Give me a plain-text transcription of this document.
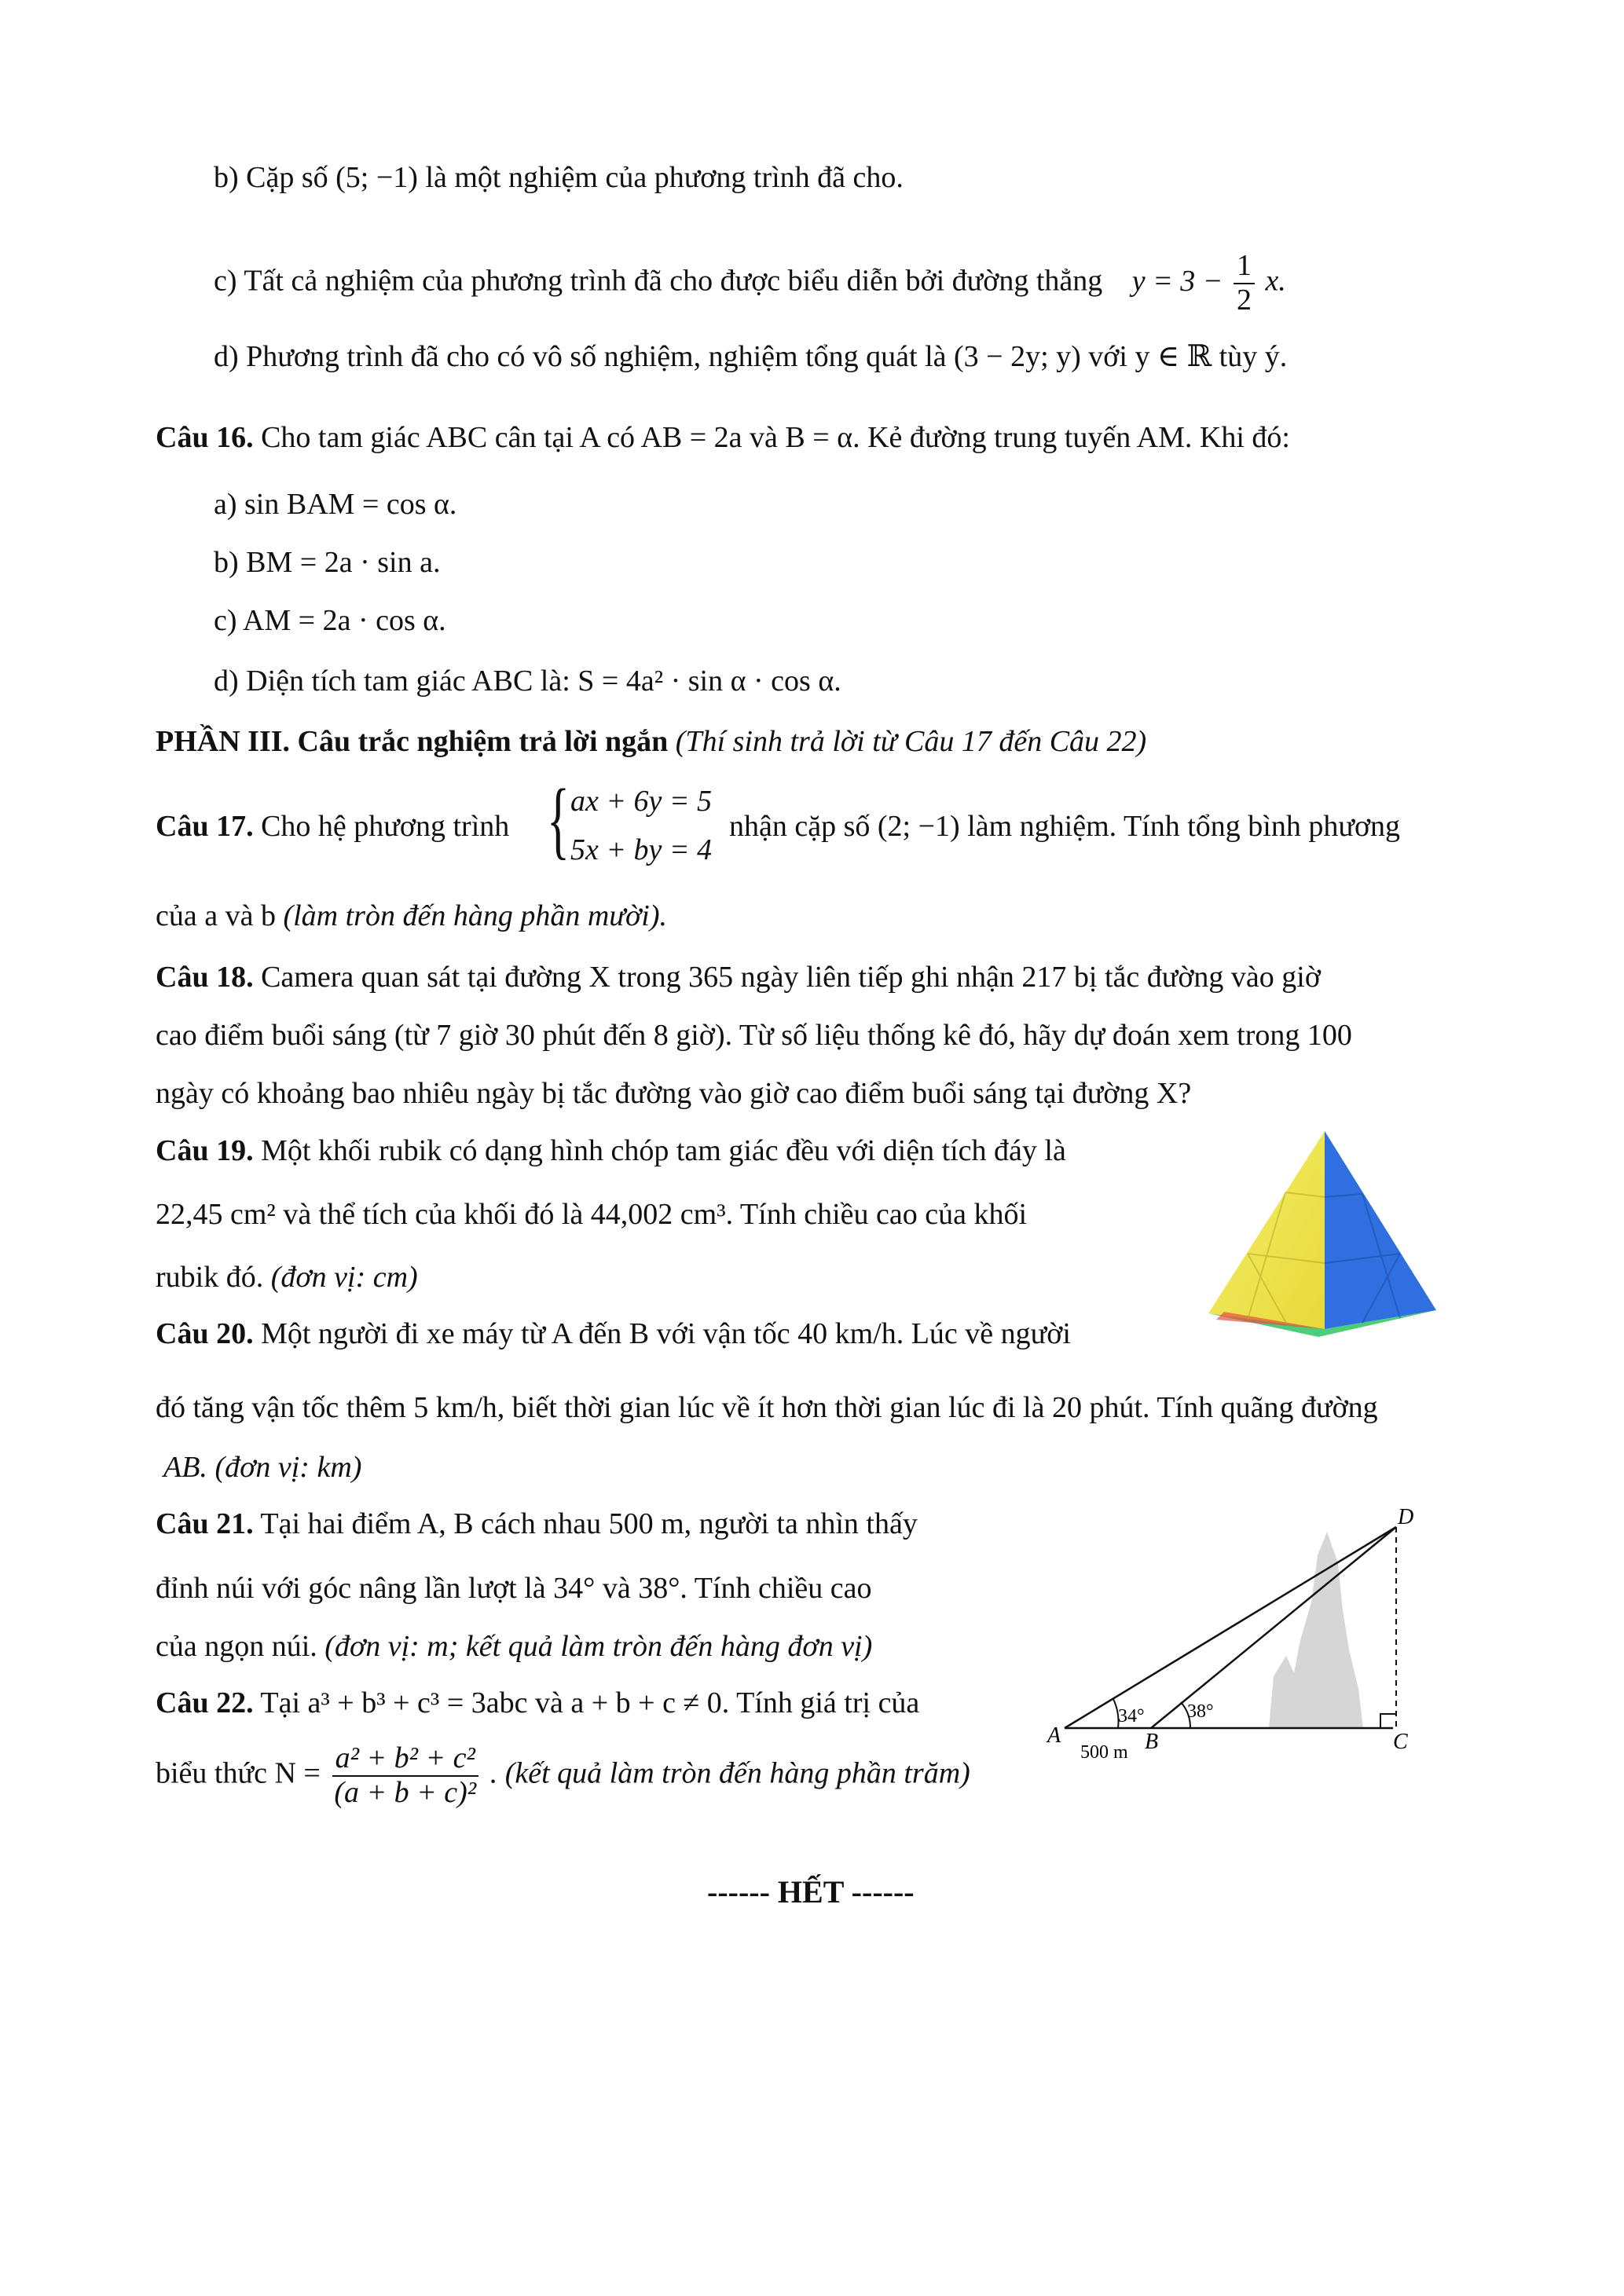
b) Cặp số (5; −1) là một nghiệm của phương trình đã cho.
c) Tất cả nghiệm của phương trình đã cho được biểu diễn bởi đường thẳng $y = 3 - \frac{1}{2} x$.
d) Phương trình đã cho có vô số nghiệm, nghiệm tổng quát là (3 − 2y; y) với y ∈ ℝ tùy ý.
Câu 16. Cho tam giác ABC cân tại A có AB = 2a và B = α. Kẻ đường trung tuyến AM. Khi đó:
a) sin BAM = cos α.
b) BM = 2a · sin a.
c) AM = 2a · cos α.
d) Diện tích tam giác ABC là: S = 4a² · sin α · cos α.
PHẦN III. Câu trắc nghiệm trả lời ngắn (Thí sinh trả lời từ Câu 17 đến Câu 22)
Câu 17. Cho hệ phương trình { ax + 6y = 5
5x + by = 4
nhận cặp số (2; −1) làm nghiệm. Tính tổng bình phương
của a và b (làm tròn đến hàng phần mười).
Câu 18. Camera quan sát tại đường X trong 365 ngày liên tiếp ghi nhận 217 bị tắc đường vào giờ
cao điểm buổi sáng (từ 7 giờ 30 phút đến 8 giờ). Từ số liệu thống kê đó, hãy dự đoán xem trong 100
ngày có khoảng bao nhiêu ngày bị tắc đường vào giờ cao điểm buổi sáng tại đường X?
Câu 19. Một khối rubik có dạng hình chóp tam giác đều với diện tích đáy là
22,45 cm² và thể tích của khối đó là 44,002 cm³. Tính chiều cao của khối
rubik đó. (đơn vị: cm)
Câu 20. Một người đi xe máy từ A đến B với vận tốc 40 km/h. Lúc về người
đó tăng vận tốc thêm 5 km/h, biết thời gian lúc về ít hơn thời gian lúc đi là 20 phút. Tính quãng đường
AB. (đơn vị: km)
Câu 21. Tại hai điểm A, B cách nhau 500 m, người ta nhìn thấy
đỉnh núi với góc nâng lần lượt là 34° và 38°. Tính chiều cao
của ngọn núi. (đơn vị: m; kết quả làm tròn đến hàng đơn vị)
D
A	B	C
34° 38°
500 m
Câu 22. Tại a³ + b³ + c³ = 3abc và a + b + c ≠ 0. Tính giá trị của
biểu thức $N = \frac{\text{a² + b² + c²}}{\text{(a + b + c)²}}$ . (kết quả làm tròn đến hàng phần trăm)
------ HẾT ------
